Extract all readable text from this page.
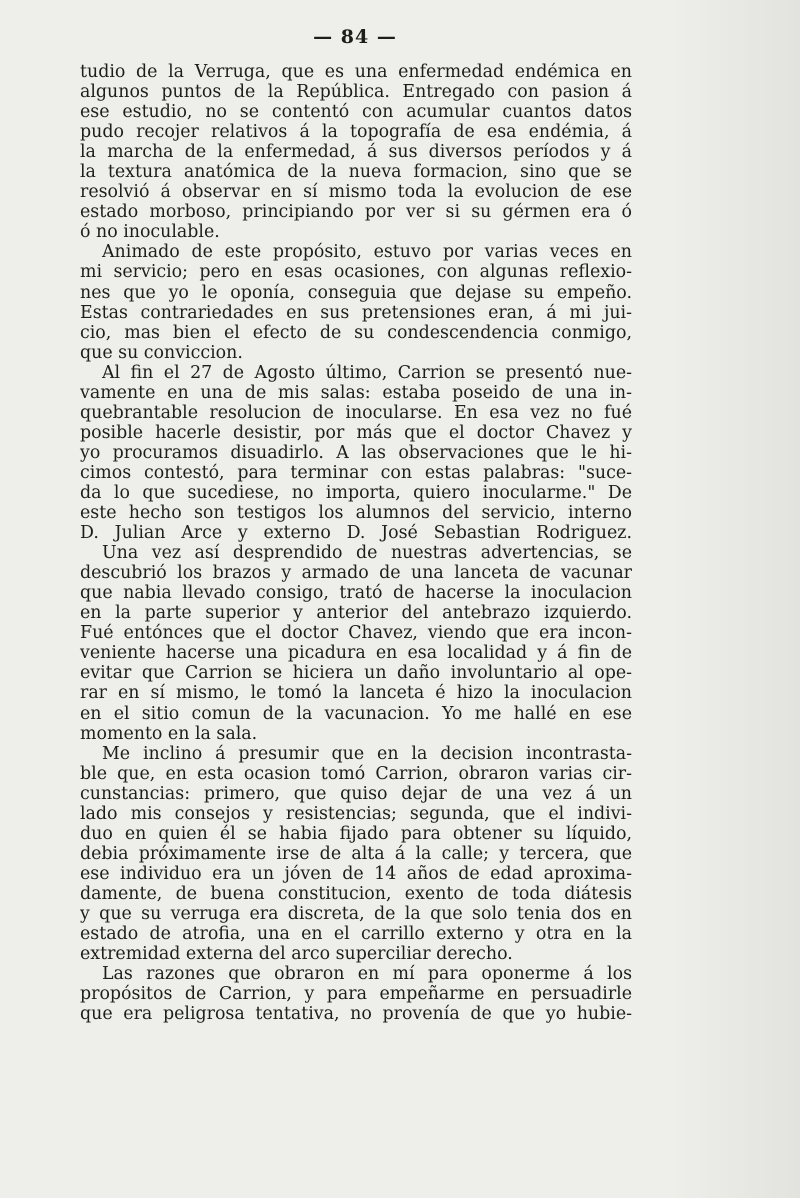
— 84 —
tudio de la Verruga, que es una enfermedad endémica en
algunos puntos de la República. Entregado con pasion á
ese estudio, no se contentó con acumular cuantos datos
pudo recojer relativos á la topografía de esa endémia, á
la marcha de la enfermedad, á sus diversos períodos y á
la textura anatómica de la nueva formacion, sino que se
resolvió á observar en sí mismo toda la evolucion de ese
estado morboso, principiando por ver si su gérmen era ó
ó no inoculable.
Animado de este propósito, estuvo por varias veces en
mi servicio; pero en esas ocasiones, con algunas reflexio-
nes que yo le oponía, conseguia que dejase su empeño.
Estas contrariedades en sus pretensiones eran, á mi jui-
cio, mas bien el efecto de su condescendencia conmigo,
que su conviccion.
Al fin el 27 de Agosto último, Carrion se presentó nue-
vamente en una de mis salas: estaba poseido de una in-
quebrantable resolucion de inocularse. En esa vez no fué
posible hacerle desistir, por más que el doctor Chavez y
yo procuramos disuadirlo. A las observaciones que le hi-
cimos contestó, para terminar con estas palabras: "suce-
da lo que sucediese, no importa, quiero inocularme." De
este hecho son testigos los alumnos del servicio, interno
D. Julian Arce y externo D. José Sebastian Rodriguez.
Una vez así desprendido de nuestras advertencias, se
descubrió los brazos y armado de una lanceta de vacunar
que nabia llevado consigo, trató de hacerse la inoculacion
en la parte superior y anterior del antebrazo izquierdo.
Fué entónces que el doctor Chavez, viendo que era incon-
veniente hacerse una picadura en esa localidad y á fin de
evitar que Carrion se hiciera un daño involuntario al ope-
rar en sí mismo, le tomó la lanceta é hizo la inoculacion
en el sitio comun de la vacunacion. Yo me hallé en ese
momento en la sala.
Me inclino á presumir que en la decision incontrasta-
ble que, en esta ocasion tomó Carrion, obraron varias cir-
cunstancias: primero, que quiso dejar de una vez á un
lado mis consejos y resistencias; segunda, que el indivi-
duo en quien él se habia fijado para obtener su líquido,
debia próximamente irse de alta á la calle; y tercera, que
ese individuo era un jóven de 14 años de edad aproxima-
damente, de buena constitucion, exento de toda diátesis
y que su verruga era discreta, de la que solo tenia dos en
estado de atrofia, una en el carrillo externo y otra en la
extremidad externa del arco superciliar derecho.
Las razones que obraron en mí para oponerme á los
propósitos de Carrion, y para empeñarme en persuadirle
que era peligrosa tentativa, no provenía de que yo hubie-
